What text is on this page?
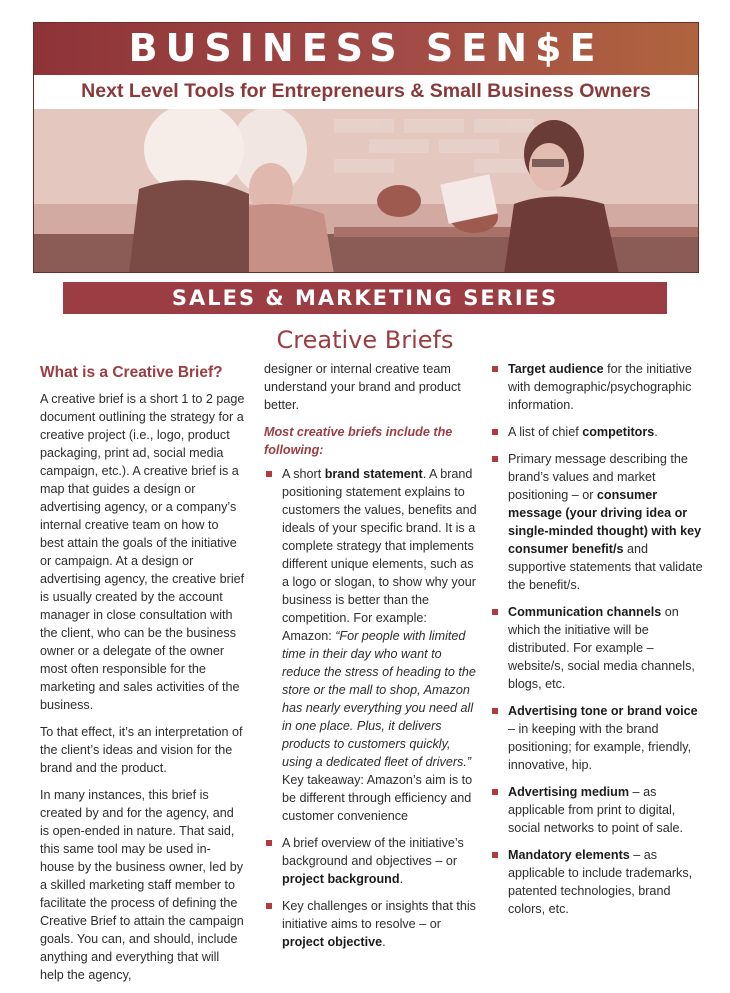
BUSINESS SEN$E
Next Level Tools for Entrepreneurs & Small Business Owners
SALES & MARKETING SERIES
Creative Briefs
What is a Creative Brief?

A creative brief is a short 1 to 2 page document outlining the strategy for a creative project (i.e., logo, product packaging, print ad, social media campaign, etc.). A creative brief is a map that guides a design or advertising agency, or a company’s internal creative team on how to best attain the goals of the initiative or campaign. At a design or advertising agency, the creative brief is usually created by the account manager in close consultation with the client, who can be the business owner or a delegate of the owner most often responsible for the marketing and sales activities of the business.

To that effect, it’s an interpretation of the client’s ideas and vision for the brand and the product.

In many instances, this brief is created by and for the agency, and is open-ended in nature. That said, this same tool may be used in-house by the business owner, led by a skilled marketing staff member to facilitate the process of defining the Creative Brief to attain the campaign goals. You can, and should, include anything and everything that will help the agency,

designer or internal creative team understand your brand and product better.

Most creative briefs include the following:
A short brand statement. A brand positioning statement explains to customers the values, benefits and ideals of your specific brand. It is a complete strategy that implements different unique elements, such as a logo or slogan, to show why your business is better than the competition. For example: Amazon: “For people with limited time in their day who want to reduce the stress of heading to the store or the mall to shop, Amazon has nearly everything you need all in one place. Plus, it delivers products to customers quickly, using a dedicated fleet of drivers.” Key takeaway: Amazon’s aim is to be different through efficiency and customer convenience
A brief overview of the initiative’s background and objectives – or project background.
Key challenges or insights that this initiative aims to resolve – or project objective.
Target audience for the initiative with demographic/psychographic information.
A list of chief competitors.
Primary message describing the brand’s values and market positioning – or consumer message (your driving idea or single-minded thought) with key consumer benefit/s and supportive statements that validate the benefit/s.
Communication channels on which the initiative will be distributed. For example – website/s, social media channels, blogs, etc.
Advertising tone or brand voice – in keeping with the brand positioning; for example, friendly, innovative, hip.
Advertising medium – as applicable from print to digital, social networks to point of sale.
Mandatory elements – as applicable to include trademarks, patented technologies, brand colors, etc.
